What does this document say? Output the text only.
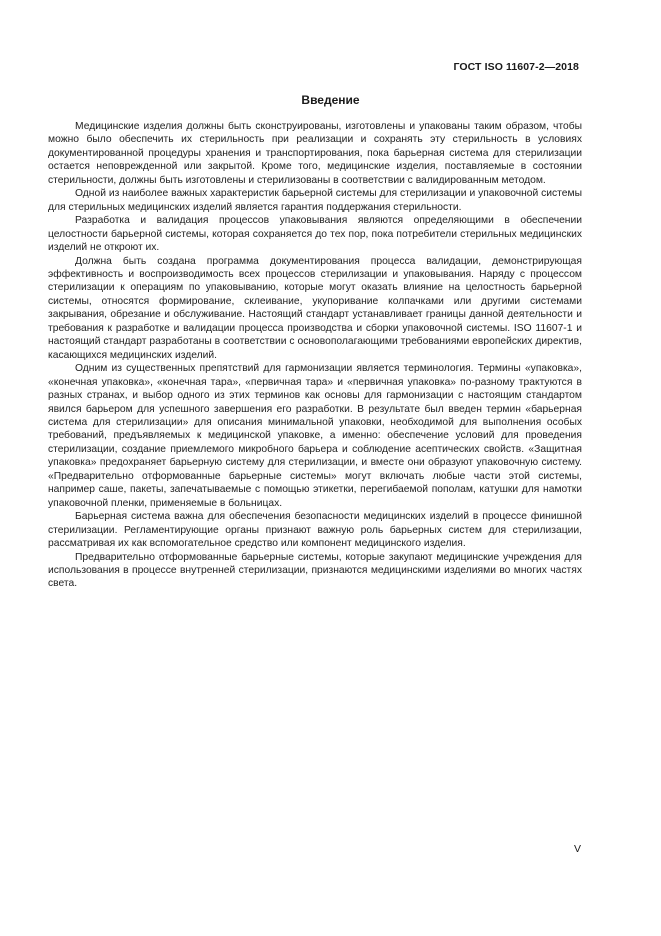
ГОСТ ISO 11607-2—2018
Введение

Медицинские изделия должны быть сконструированы, изготовлены и упакованы таким образом, чтобы можно было обеспечить их стерильность при реализации и сохранять эту стерильность в условиях документированной процедуры хранения и транспортирования, пока барьерная система для стерилизации остается неповрежденной или закрытой. Кроме того, медицинские изделия, поставляемые в состоянии стерильности, должны быть изготовлены и стерилизованы в соответствии с валидированным методом.

Одной из наиболее важных характеристик барьерной системы для стерилизации и упаковочной системы для стерильных медицинских изделий является гарантия поддержания стерильности.

Разработка и валидация процессов упаковывания являются определяющими в обеспечении целостности барьерной системы, которая сохраняется до тех пор, пока потребители стерильных медицинских изделий не откроют их.

Должна быть создана программа документирования процесса валидации, демонстрирующая эффективность и воспроизводимость всех процессов стерилизации и упаковывания. Наряду с процессом стерилизации к операциям по упаковыванию, которые могут оказать влияние на целостность барьерной системы, относятся формирование, склеивание, укупоривание колпачками или другими системами закрывания, обрезание и обслуживание. Настоящий стандарт устанавливает границы данной деятельности и требования к разработке и валидации процесса производства и сборки упаковочной системы. ISO 11607-1 и настоящий стандарт разработаны в соответствии с основополагающими требованиями европейских директив, касающихся медицинских изделий.

Одним из существенных препятствий для гармонизации является терминология. Термины «упаковка», «конечная упаковка», «конечная тара», «первичная тара» и «первичная упаковка» по-разному трактуются в разных странах, и выбор одного из этих терминов как основы для гармонизации с настоящим стандартом явился барьером для успешного завершения его разработки. В результате был введен термин «барьерная система для стерилизации» для описания минимальной упаковки, необходимой для выполнения особых требований, предъявляемых к медицинской упаковке, а именно: обеспечение условий для проведения стерилизации, создание приемлемого микробного барьера и соблюдение асептических свойств. «Защитная упаковка» предохраняет барьерную систему для стерилизации, и вместе они образуют упаковочную систему. «Предварительно отформованные барьерные системы» могут включать любые части этой системы, например саше, пакеты, запечатываемые с помощью этикетки, перегибаемой пополам, катушки для намотки упаковочной пленки, применяемые в больницах.

Барьерная система важна для обеспечения безопасности медицинских изделий в процессе финишной стерилизации. Регламентирующие органы признают важную роль барьерных систем для стерилизации, рассматривая их как вспомогательное средство или компонент медицинского изделия.

Предварительно отформованные барьерные системы, которые закупают медицинские учреждения для использования в процессе внутренней стерилизации, признаются медицинскими изделиями во многих частях света.

V
